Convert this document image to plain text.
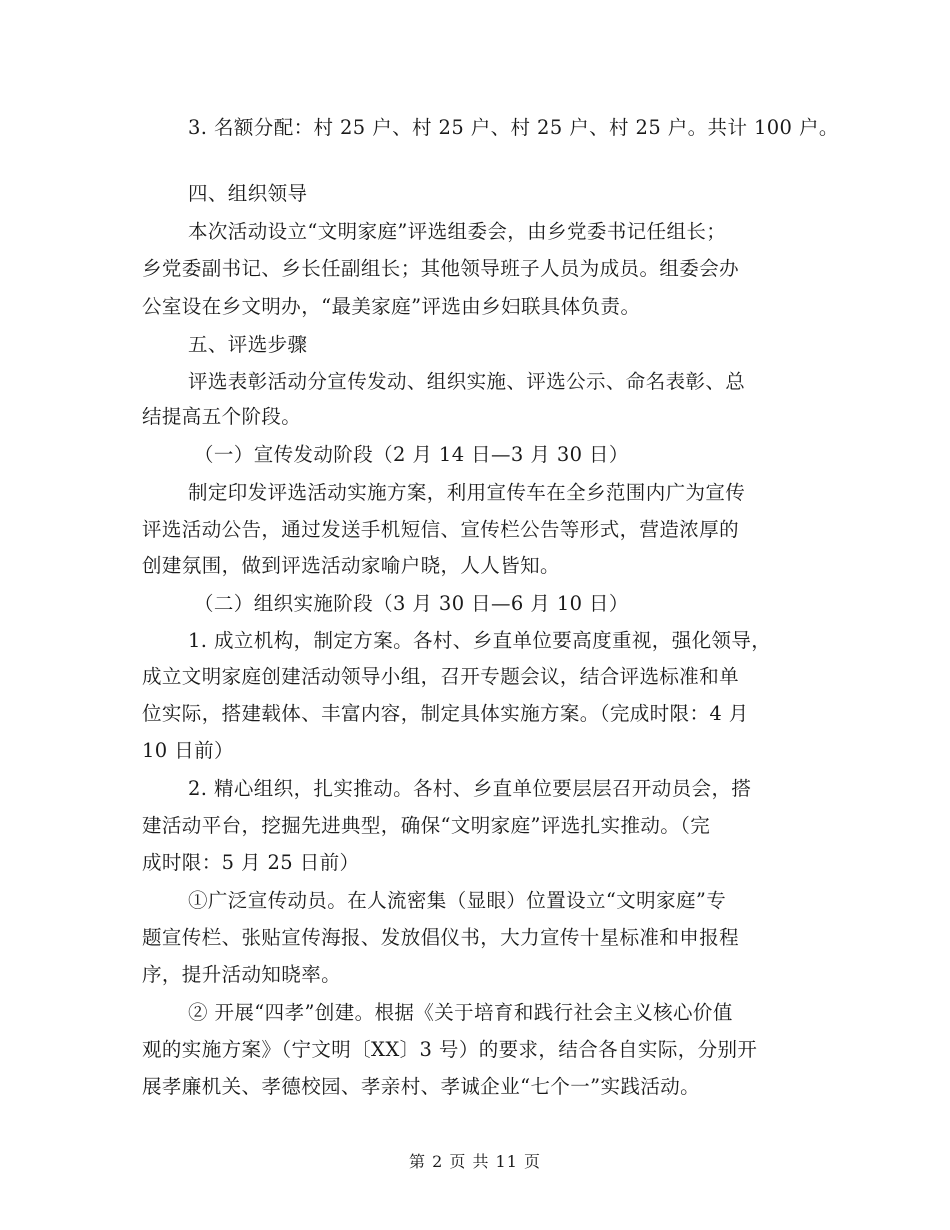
3. 名额分配：村 25 户、村 25 户、村 25 户、村 25 户。共计 100 户。
四、组织领导
本次活动设立“文明家庭”评选组委会，由乡党委书记任组长；
乡党委副书记、乡长任副组长；其他领导班子人员为成员。组委会办
公室设在乡文明办，“最美家庭”评选由乡妇联具体负责。
五、评选步骤
评选表彰活动分宣传发动、组织实施、评选公示、命名表彰、总
结提高五个阶段。
（一）宣传发动阶段（2 月 14 日—3 月 30 日）
制定印发评选活动实施方案，利用宣传车在全乡范围内广为宣传
评选活动公告，通过发送手机短信、宣传栏公告等形式，营造浓厚的
创建氛围，做到评选活动家喻户晓，人人皆知。
（二）组织实施阶段（3 月 30 日—6 月 10 日）
1. 成立机构，制定方案。各村、乡直单位要高度重视，强化领导，
成立文明家庭创建活动领导小组，召开专题会议，结合评选标准和单
位实际，搭建载体、丰富内容，制定具体实施方案。（完成时限：4 月
10 日前）
2. 精心组织，扎实推动。各村、乡直单位要层层召开动员会，搭
建活动平台，挖掘先进典型，确保“文明家庭”评选扎实推动。（完
成时限：5 月 25 日前）
①广泛宣传动员。在人流密集（显眼）位置设立“文明家庭”专
题宣传栏、张贴宣传海报、发放倡仪书，大力宣传十星标准和申报程
序，提升活动知晓率。
② 开展“四孝”创建。根据《关于培育和践行社会主义核心价值
观的实施方案》（宁文明〔XX〕3 号）的要求，结合各自实际，分别开
展孝廉机关、孝德校园、孝亲村、孝诚企业“七个一”实践活动。
第 2 页 共 11 页
